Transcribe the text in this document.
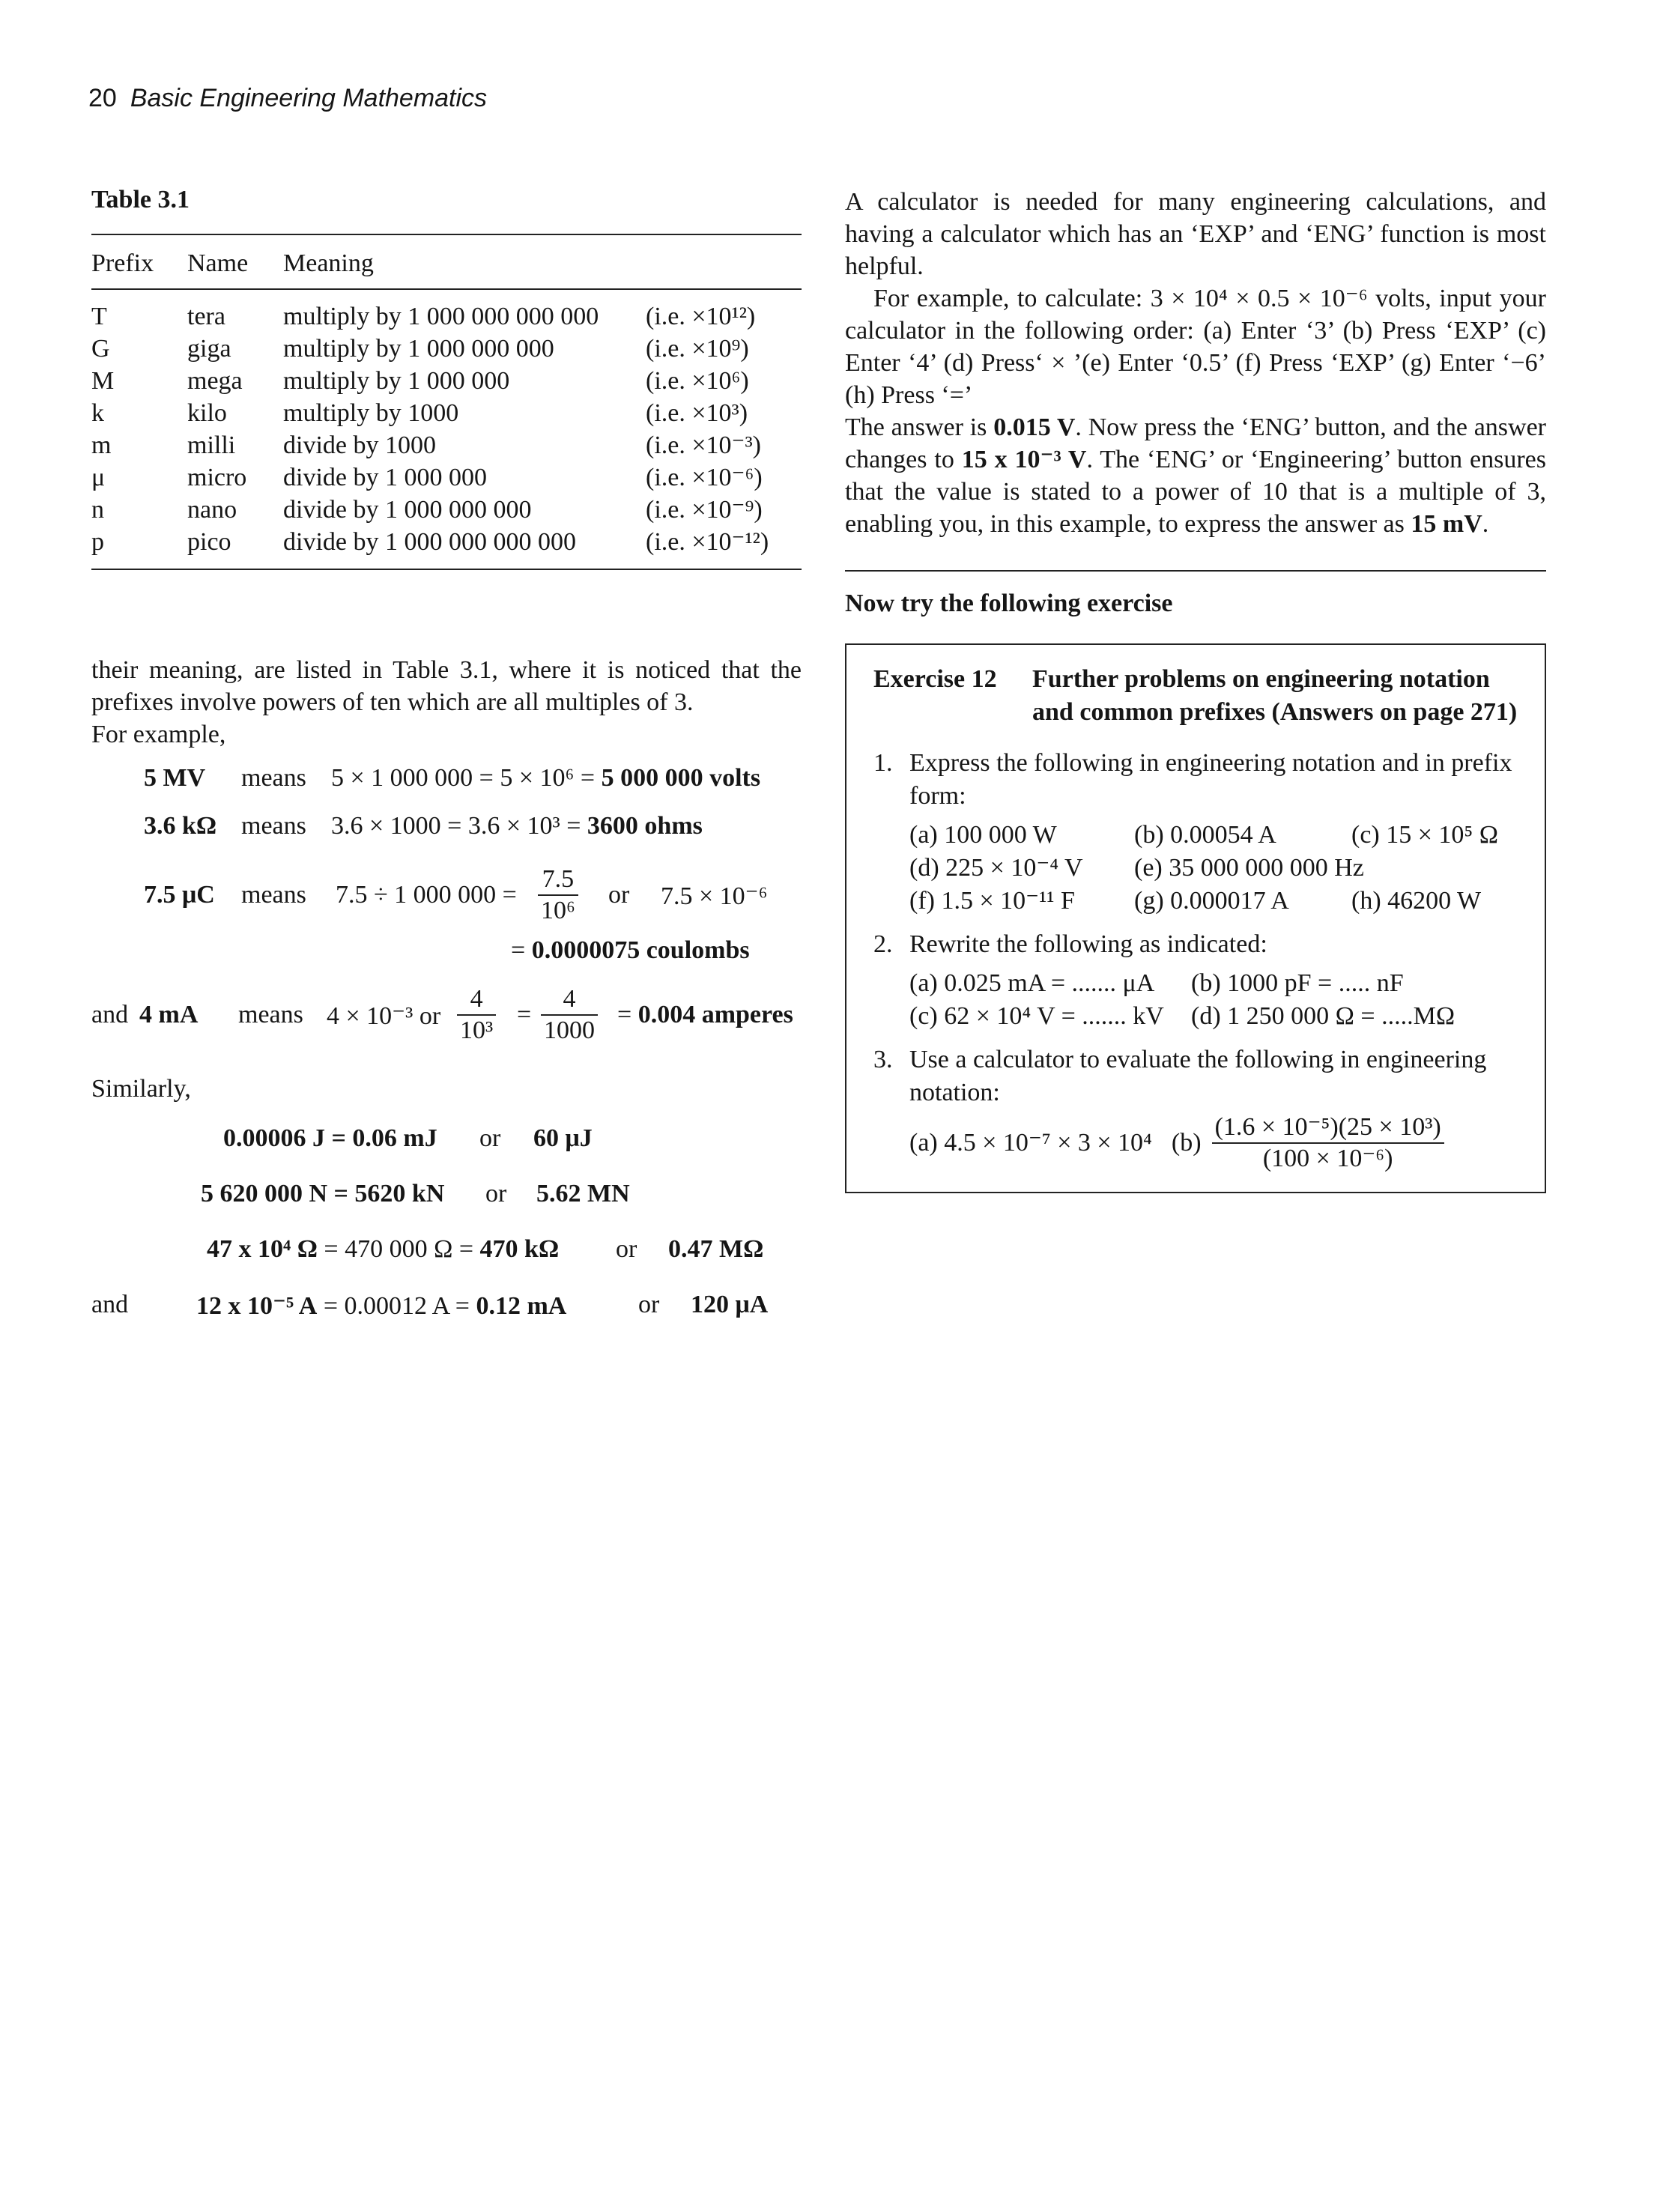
20 Basic Engineering Mathematics
Table 3.1
Prefix	Name	Meaning	

T	tera	multiply by 1 000 000 000 000	(i.e. ×10¹²)
G	giga	multiply by 1 000 000 000	(i.e. ×10⁹)
M	mega	multiply by 1 000 000	(i.e. ×10⁶)
k	kilo	multiply by 1000	(i.e. ×10³)
m	milli	divide by 1000	(i.e. ×10⁻³)
μ	micro	divide by 1 000 000	(i.e. ×10⁻⁶)
n	nano	divide by 1 000 000 000	(i.e. ×10⁻⁹)
p	pico	divide by 1 000 000 000 000	(i.e. ×10⁻¹²)

their meaning, are listed in Table 3.1, where it is noticed that the prefixes involve powers of ten which are all multiples of 3.

For example,

5 MV means 5 × 1 000 000 = 5 × 10⁶ = 5 000 000 volts
3.6 kΩ means 3.6 × 1000 = 3.6 × 10³ = 3600 ohms
7.5 μC means 7.5 ÷ 1 000 $000 = \frac{7.5}{\text{10⁶}}$ or 7.5 × 10⁻⁶
= 0.0000075 coulombs
and 4 mA means 4 × 10⁻³ or $\frac{4}{\text{10³}} = \frac{4}{1000} = 0.004$ amperes

Similarly,

0.00006 J = 0.06 mJ or 60 μJ
5 620 000 N = 5620 kN or 5.62 MN
47 x 10⁴ Ω = 470 000 Ω = 470 kΩ or 0.47 MΩ
and	12 x 10⁻⁵ A = 0.00012 A = 0.12 mA	or 120 μA

A calculator is needed for many engineering calculations, and having a calculator which has an ‘EXP’ and ‘ENG’ function is most helpful.

For example, to calculate: 3 × 10⁴ × 0.5 × 10⁻⁶ volts, input your calculator in the following order: (a) Enter ‘3’ (b) Press ‘EXP’ (c) Enter ‘4’ (d) Press‘ × ’(e) Enter ‘0.5’ (f) Press ‘EXP’ (g) Enter ‘−6’ (h) Press ‘=’

The answer is 0.015 V. Now press the ‘ENG’ button, and the answer changes to 15 x 10⁻³ V. The ‘ENG’ or ‘Engineering’ button ensures that the value is stated to a power of 10 that is a multiple of 3, enabling you, in this example, to express the answer as 15 mV.

Now try the following exercise
Exercise 12	Further problems on engineering notation and common prefixes (Answers on page 271)
1. Express the following in engineering notation and in prefix form:
(a) 100 000 W	(b) 0.00054 A	(c) 15 × 10⁵ Ω
(d) 225 × 10⁻⁴ V	(e) 35 000 000 000 Hz
(f) 1.5 × 10⁻¹¹ F	(g) 0.000017 A	(h) 46200 W
2. Rewrite the following as indicated:
(a) 0.025 mA = ....... μA	(b) 1000 pF = ..... nF
(c) 62 × 10⁴ V = ....... kV	(d) 1 250 000 Ω = .....MΩ
3. Use a calculator to evaluate the following in engineering notation:
(a) 4.5 × 10⁻⁷ × 3 × 10⁴ $(b) \frac{\text{(1.6 × 10⁻⁵)(25 × 10³)}}{\text{(100 × 10⁻⁶)}}$
